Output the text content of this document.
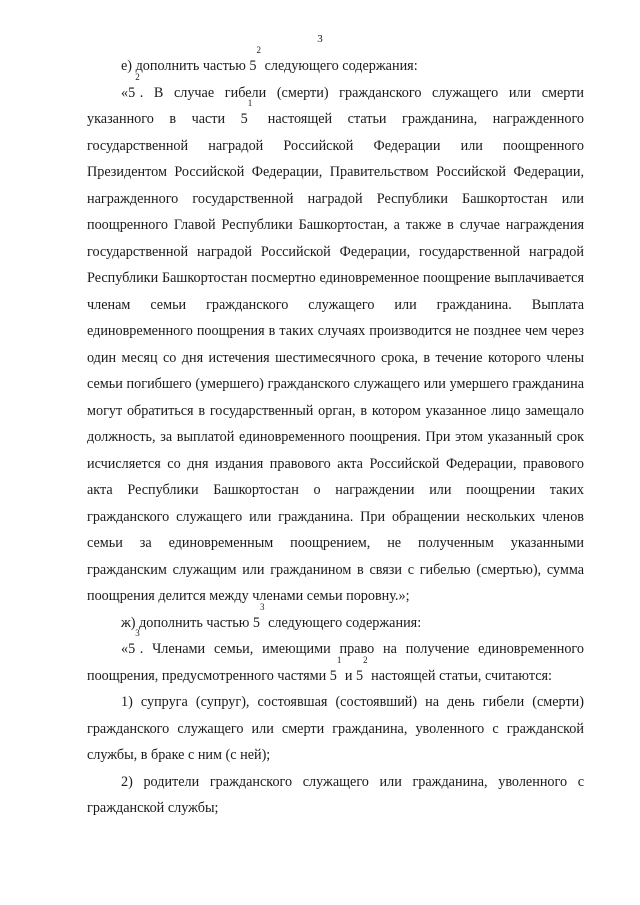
3

е) дополнить частью $5^2$ следующего содержания:

«$5^2$. В случае гибели (смерти) гражданского служащего или смерти указанного в части $5^1$ настоящей статьи гражданина, награжденного государственной наградой Российской Федерации или поощренного Президентом Российской Федерации, Правительством Российской Федерации, награжденного государственной наградой Республики Башкортостан или поощренного Главой Республики Башкортостан, а также в случае награждения государственной наградой Российской Федерации, государственной наградой Республики Башкортостан посмертно единовременное поощрение выплачивается членам семьи гражданского служащего или гражданина. Выплата единовременного поощрения в таких случаях производится не позднее чем через один месяц со дня истечения шестимесячного срока, в течение которого члены семьи погибшего (умершего) гражданского служащего или умершего гражданина могут обратиться в государственный орган, в котором указанное лицо замещало должность, за выплатой единовременного поощрения. При этом указанный срок исчисляется со дня издания правового акта Российской Федерации, правового акта Республики Башкортостан о награждении или поощрении таких гражданского служащего или гражданина. При обращении нескольких членов семьи за единовременным поощрением, не полученным указанными гражданским служащим или гражданином в связи с гибелью (смертью), сумма поощрения делится между членами семьи поровну.»;

ж) дополнить частью $5^3$ следующего содержания:

«$5^3$. Членами семьи, имеющими право на получение единовременного поощрения, предусмотренного частями $5^1$ и $5^2$ настоящей статьи, считаются:

1) супруга (супруг), состоявшая (состоявший) на день гибели (смерти) гражданского служащего или смерти гражданина, уволенного с гражданской службы, в браке с ним (с ней);

2) родители гражданского служащего или гражданина, уволенного с гражданской службы;
